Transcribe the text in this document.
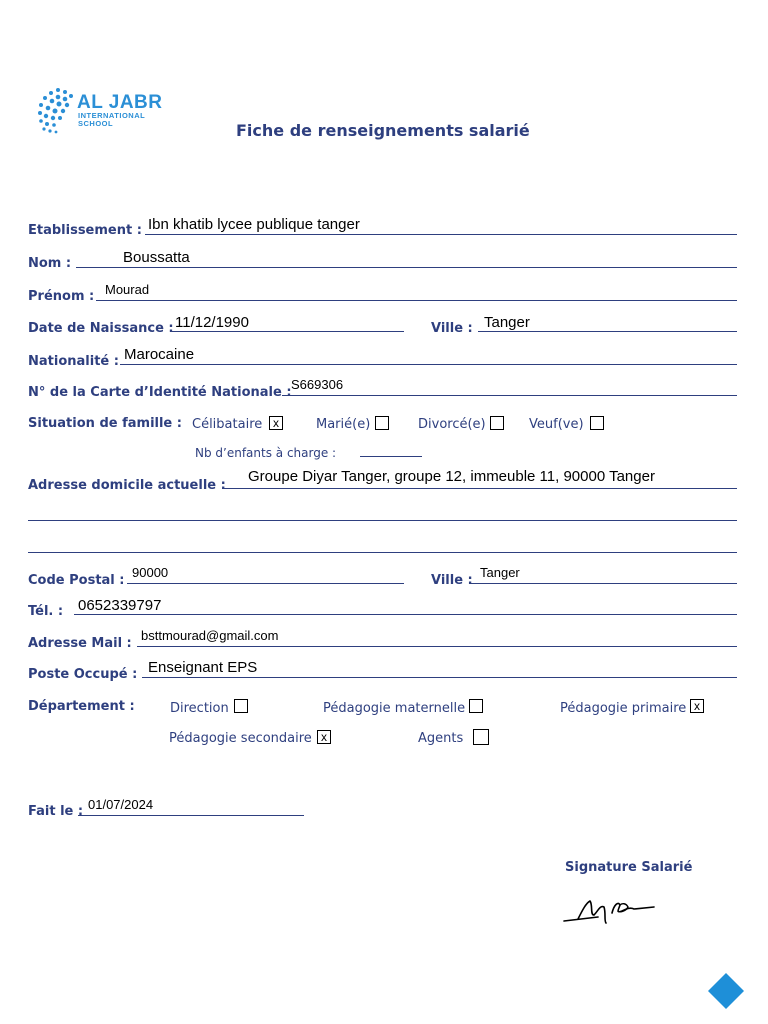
AL JABR
INTERNATIONAL
SCHOOL	Fiche de renseignements salarié
Etablissement : Ibn khatib lycee publique tanger
Nom :	Boussatta
Prénom : Mourad
Date de Naissance : 11/12/1990	Ville : Tanger
Nationalité : Marocaine
N° de la Carte d’Identité Nationale :
S669306
Situation de famille : Célibataire x	Marié(e)	Divorcé(e)	Veuf(ve)
Nb d’enfants à charge :
Adresse domicile actuelle :
Groupe Diyar Tanger, groupe 12, immeuble 11, 90000 Tanger
Code Postal :
90000
Ville :
Tanger
Tél. : 0652339797
Adresse Mail :
bsttmourad@gmail.com
Poste Occupé : Enseignant EPS
Département :	Direction	Pédagogie maternelle	Pédagogie primaire x
Pédagogie secondaire x	Agents
Fait le : 01/07/2024
Signature Salarié
